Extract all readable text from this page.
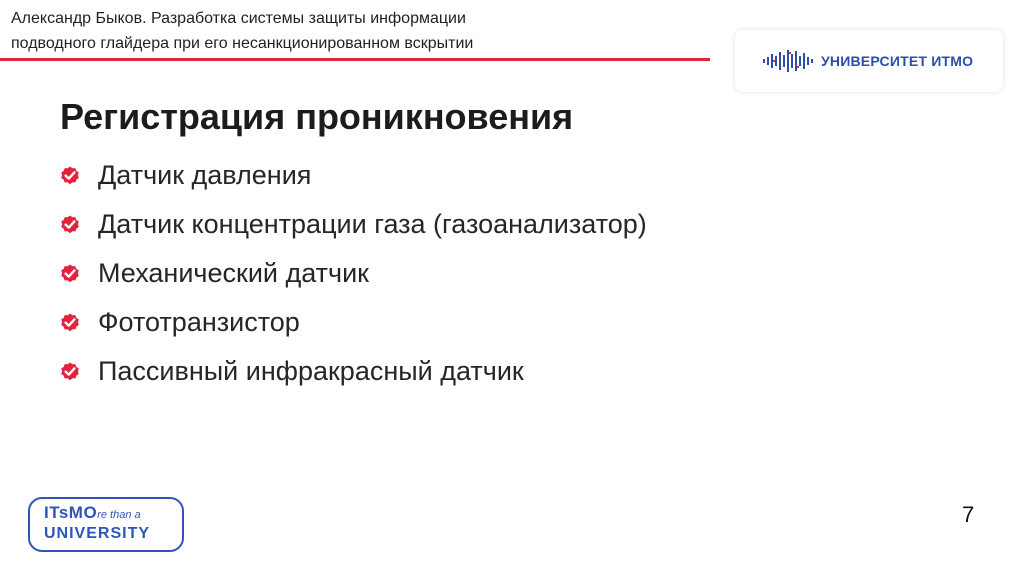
Александр Быков. Разработка системы защиты информации
подводного глайдера при его несанкционированном вскрытии
УНИВЕРСИТЕТ ИТМО
Регистрация проникновения
Датчик давления
Датчик концентрации газа (газоанализатор)
Механический датчик
Фототранзистор
Пассивный инфракрасный датчик
ITsMOre than a
UNIVERSITY
7
